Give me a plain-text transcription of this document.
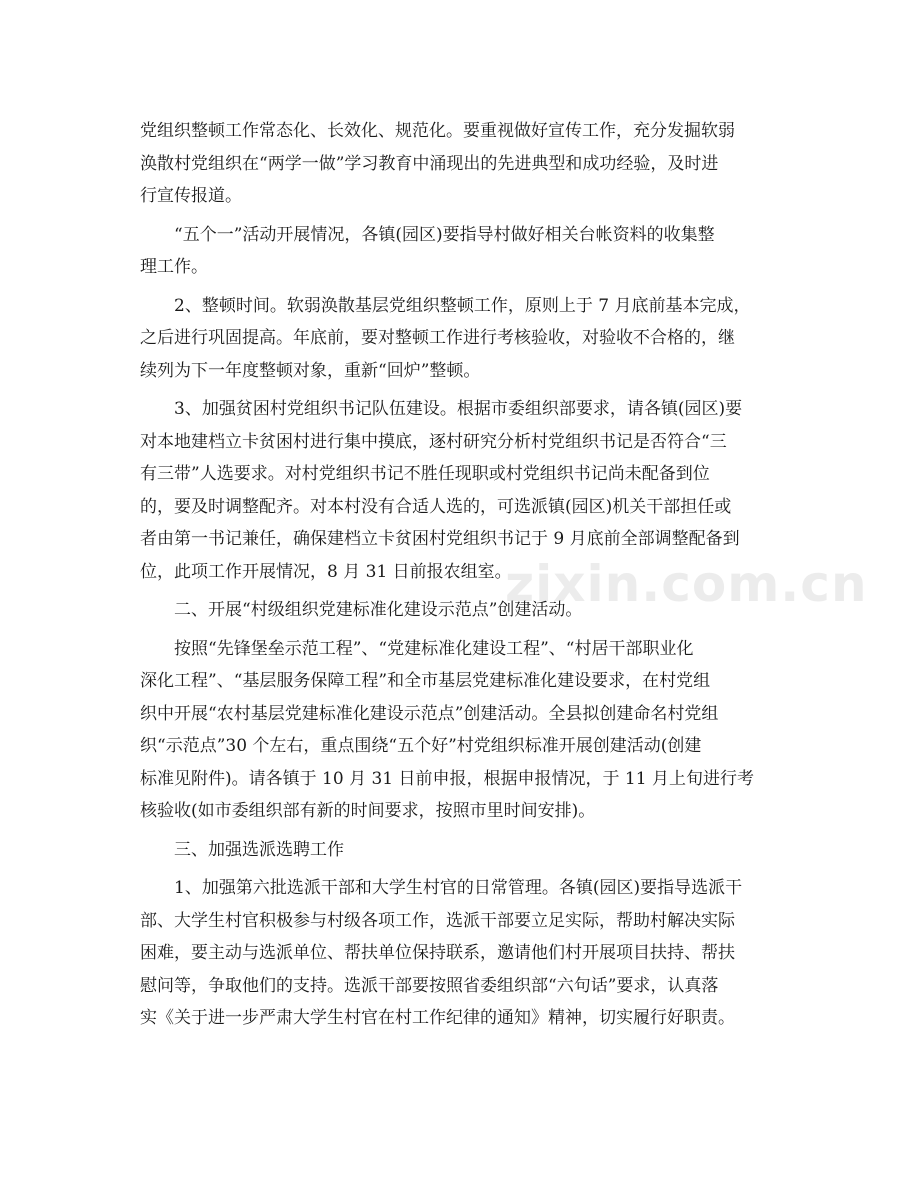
党组织整顿工作常态化、长效化、规范化。要重视做好宣传工作，充分发掘软弱
涣散村党组织在“两学一做”学习教育中涌现出的先进典型和成功经验，及时进
行宣传报道。
“五个一”活动开展情况，各镇(园区)要指导村做好相关台帐资料的收集整
理工作。
2、整顿时间。软弱涣散基层党组织整顿工作，原则上于 7 月底前基本完成，
之后进行巩固提高。年底前，要对整顿工作进行考核验收，对验收不合格的，继
续列为下一年度整顿对象，重新“回炉”整顿。
3、加强贫困村党组织书记队伍建设。根据市委组织部要求，请各镇(园区)要
对本地建档立卡贫困村进行集中摸底，逐村研究分析村党组织书记是否符合“三
有三带”人选要求。对村党组织书记不胜任现职或村党组织书记尚未配备到位
的，要及时调整配齐。对本村没有合适人选的，可选派镇(园区)机关干部担任或
者由第一书记兼任，确保建档立卡贫困村党组织书记于 9 月底前全部调整配备到
位，此项工作开展情况，8 月 31 日前报农组室。
二、开展“村级组织党建标准化建设示范点”创建活动。
按照“先锋堡垒示范工程”、“党建标准化建设工程”、“村居干部职业化
深化工程”、“基层服务保障工程”和全市基层党建标准化建设要求，在村党组
织中开展“农村基层党建标准化建设示范点”创建活动。全县拟创建命名村党组
织“示范点”30 个左右，重点围绕“五个好”村党组织标准开展创建活动(创建
标准见附件)。请各镇于 10 月 31 日前申报，根据申报情况，于 11 月上旬进行考
核验收(如市委组织部有新的时间要求，按照市里时间安排)。
三、加强选派选聘工作
1、加强第六批选派干部和大学生村官的日常管理。各镇(园区)要指导选派干
部、大学生村官积极参与村级各项工作，选派干部要立足实际，帮助村解决实际
困难，要主动与选派单位、帮扶单位保持联系，邀请他们村开展项目扶持、帮扶
慰问等，争取他们的支持。选派干部要按照省委组织部“六句话”要求，认真落
实《关于进一步严肃大学生村官在村工作纪律的通知》精神，切实履行好职责。
zixin.com.cn
